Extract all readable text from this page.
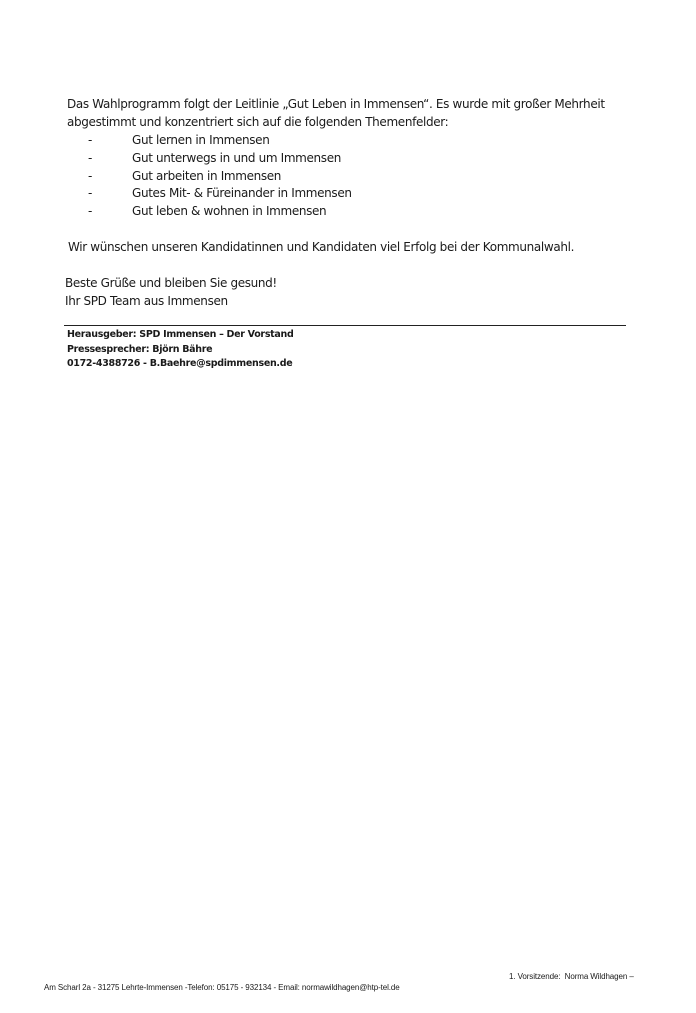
Das Wahlprogramm folgt der Leitlinie „Gut Leben in Immensen“. Es wurde mit großer Mehrheit

abgestimmt und konzentriert sich auf die folgenden Themenfelder:

-	Gut lernen in Immensen
-	Gut unterwegs in und um Immensen
-	Gut arbeiten in Immensen
-	Gutes Mit- & Füreinander in Immensen
-	Gut leben & wohnen in Immensen

Wir wünschen unseren Kandidatinnen und Kandidaten viel Erfolg bei der Kommunalwahl.

Beste Grüße und bleiben Sie gesund!

Ihr SPD Team aus Immensen

Herausgeber: SPD Immensen – Der Vorstand

Pressesprecher: Björn Bähre

0172-4388726 - B.Baehre@spdimmensen.de

1. Vorsitzende:  Norma Wildhagen –
Am Scharl 2a - 31275 Lehrte-Immensen -Telefon: 05175 - 932134 - Email: normawildhagen@htp-tel.de
